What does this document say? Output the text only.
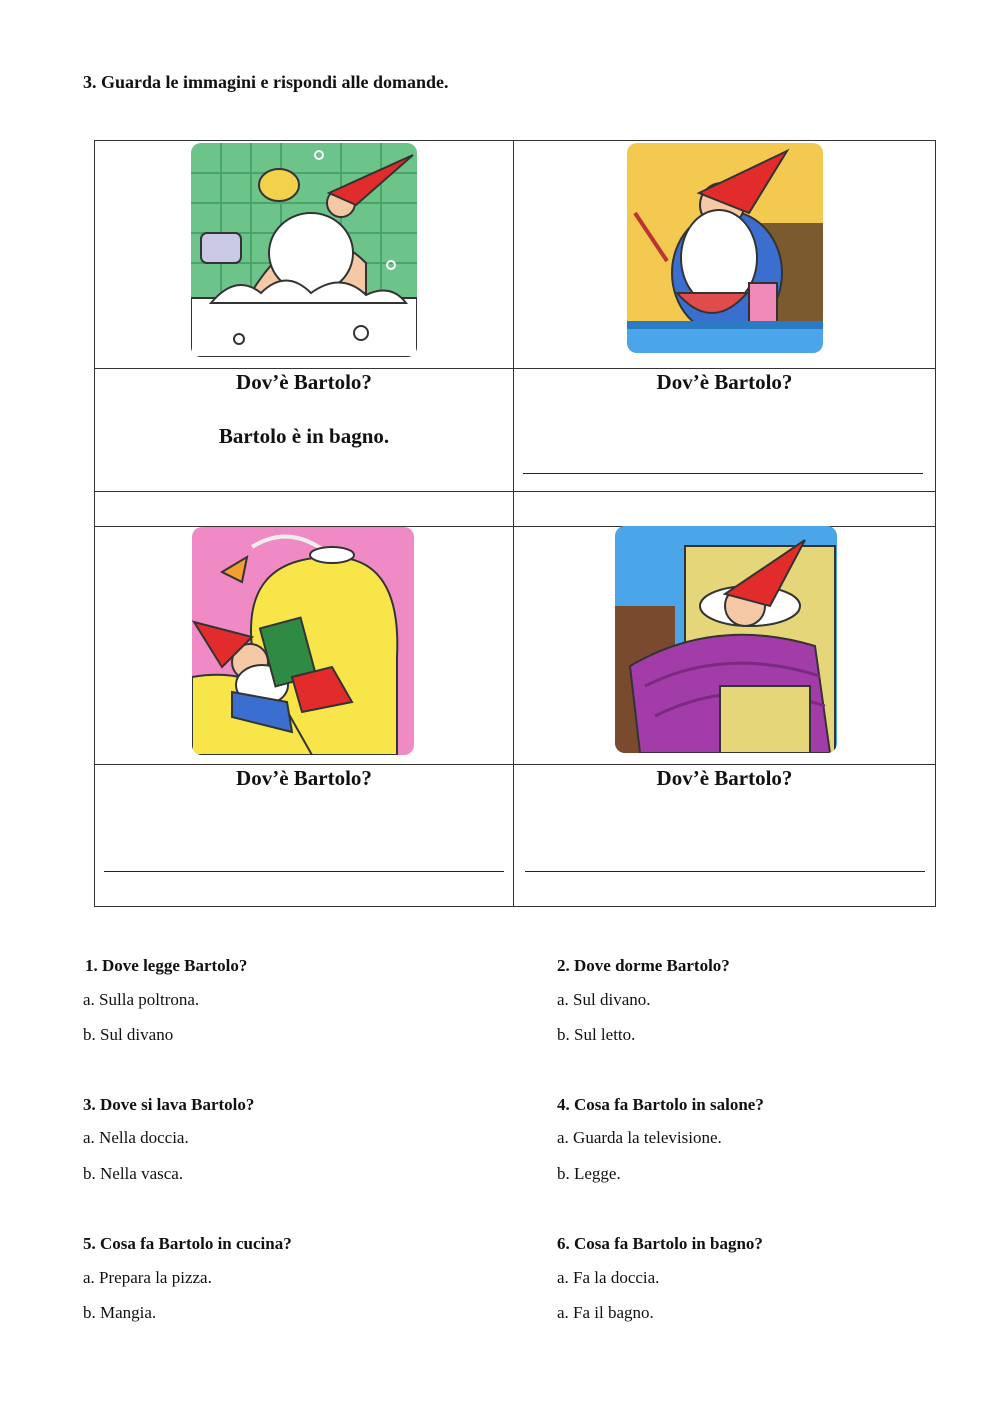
3. Guarda le immagini e rispondi alle domande.
Dov’è Bartolo?
Bartolo è in bagno.
Dov’è Bartolo?
Dov’è Bartolo?	Dov’è Bartolo?
1. Dove legge Bartolo?
a. Sulla poltrona.
b. Sul divano
2. Dove dorme Bartolo?
a. Sul divano.
b. Sul letto.
3. Dove si lava Bartolo?
a. Nella doccia.
b. Nella vasca.
4. Cosa fa Bartolo in salone?
a. Guarda la televisione.
b. Legge.
5. Cosa fa Bartolo in cucina?
a. Prepara la pizza.
b. Mangia.
6. Cosa fa Bartolo in bagno?
a. Fa la doccia.
a. Fa il bagno.
